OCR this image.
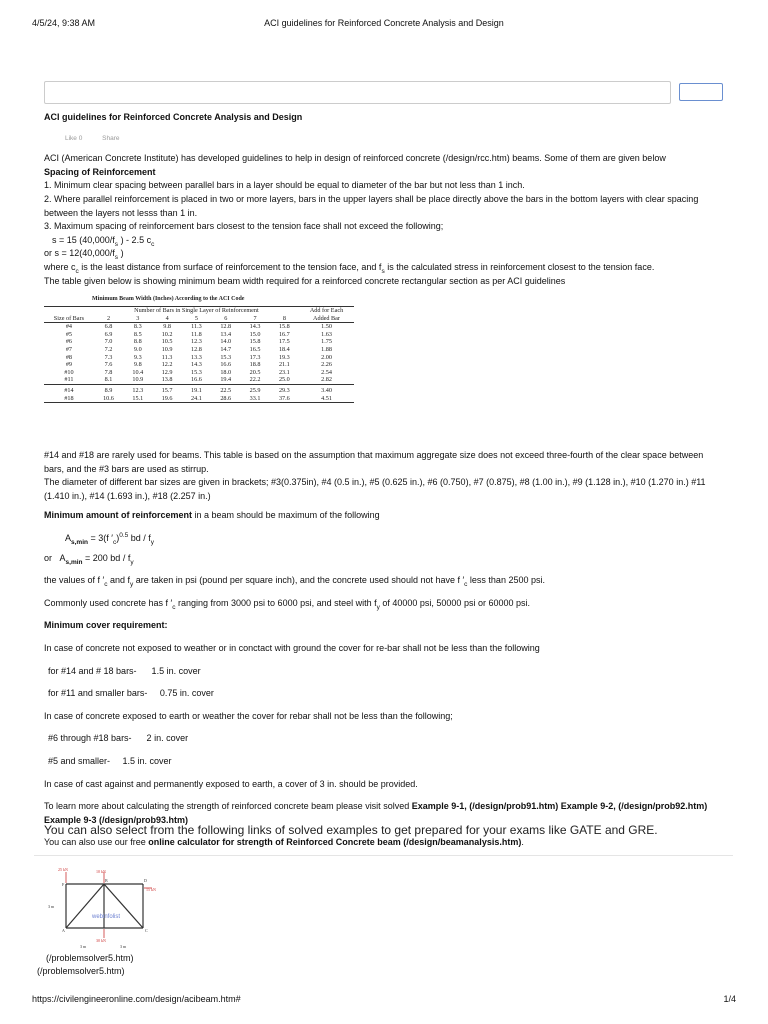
4/5/24, 9:38 AM	ACI guidelines for Reinforced Concrete Analysis and Design

ACI guidelines for Reinforced Concrete Analysis and Design

Like 0	Share

ACI (American Concrete Institute) has developed guidelines to help in design of reinforced concrete (/design/rcc.htm) beams. Some of them are given below

Spacing of Reinforcement

1. Minimum clear spacing between parallel bars in a layer should be equal to diameter of the bar but not less than 1 inch.

2. Where parallel reinforcement is placed in two or more layers, bars in the upper layers shall be place directly above the bars in the bottom layers with clear spacing between the layers not lesss than 1 in.

3. Maximum spacing of reinforcement bars closest to the tension face shall not exceed the following;

s = 15 ($40,000/f_s$ ) - 2.5 $c_c$

or $s = 12(40,000/f_s$ )

where $c_c$ is the least distance from surface of reinforcement to the tension face, and $f_s$ is the calculated stress in reinforcement closest to the tension face.

The table given below is showing minimum beam width required for a reinforced concrete rectangular section as per ACI guidelines

Minimum Beam Width (Inches) According to the ACI Code
	Number of Bars in Single Layer of Reinforcement							Add for Each
Size of Bars	2	3	4	5	6	7	8	Added Bar
#4	6.8	8.3	9.8	11.3	12.8	14.3	15.8	1.50
#5	6.9	8.5	10.2	11.8	13.4	15.0	16.7	1.63
#6	7.0	8.8	10.5	12.3	14.0	15.8	17.5	1.75
#7	7.2	9.0	10.9	12.8	14.7	16.5	18.4	1.88
#8	7.3	9.3	11.3	13.3	15.3	17.3	19.3	2.00
#9	7.6	9.8	12.2	14.3	16.6	18.8	21.1	2.26
#10	7.8	10.4	12.9	15.3	18.0	20.5	23.1	2.54
#11	8.1	10.9	13.8	16.6	19.4	22.2	25.0	2.82
#14	8.9	12.3	15.7	19.1	22.5	25.9	29.3	3.40
#18	10.6	15.1	19.6	24.1	28.6	33.1	37.6	4.51

#14 and #18 are rarely used for beams. This table is based on the assumption that maximum aggregate size does not exceed three-fourth of the clear space between bars, and the #3 bars are used as stirrup.

The diameter of different bar sizes are given in brackets; #3(0.375in), #4 (0.5 in.), #5 (0.625 in.), #6 (0.750), #7 (0.875), #8 (1.00 in.), #9 (1.128 in.), #10 (1.270 in.) #11 (1.410 in.), #14 (1.693 in.), #18 (2.257 in.)

Minimum amount of reinforcement in a beam should be maximum of the following

$A_{s,min} = 3(f$ $'_c)^{0.5}$ bd / $f_y$

or $A_{s,min} = 200$ bd / $f_y$

the values of f $'_c$ and $f_y$ are taken in psi (pound per square inch), and the concrete used should not have f $'_c$ less than 2500 psi.

Commonly used concrete has f $'_c$ ranging from 3000 psi to 6000 psi, and steel with $f_y$ of 40000 psi, 50000 psi or 60000 psi.

Minimum cover requirement:

In case of concrete not exposed to weather or in conctact with ground the cover for re-bar shall not be less than the following

for #14 and # 18 bars-      1.5 in. cover

for #11 and smaller bars-     0.75 in. cover

In case of concrete exposed to earth or weather the cover for rebar shall not be less than the following;

#6 through #18 bars-      2 in. cover

#5 and smaller-     1.5 in. cover

In case of cast against and permanently exposed to earth, a cover of 3 in. should be provided.

To learn more about calculating the strength of reinforced concrete beam please visit solved Example 9-1, (/design/prob91.htm) Example 9-2, (/design/prob92.htm) Example 9-3 (/design/prob93.htm)

You can also use our free online calculator for strength of Reinforced Concrete beam (/design/beamanalysis.htm).

You can also select from the following links of solved examples to get prepared for your exams like GATE and GRE.
25 kN	10 kN
15 kN
30 kN
3 m
3 m	3 m
F
B	D
A	C
webinfolist
(/problemsolver5.htm)
(/problemsolver5.htm)
https://civilengineeronline.com/design/acibeam.htm#	1/4
